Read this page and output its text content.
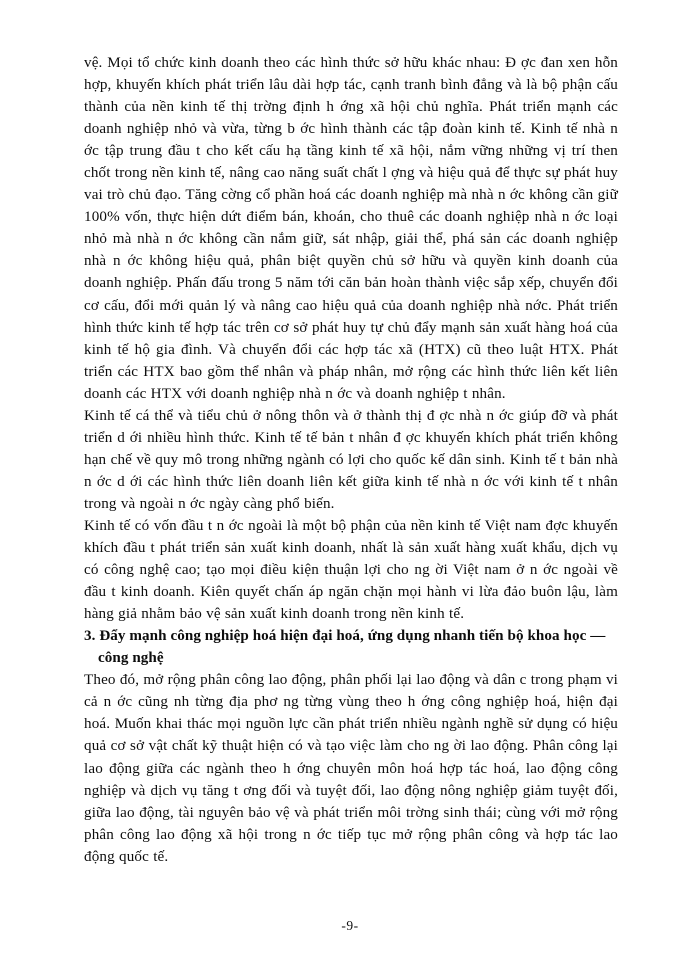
vệ. Mọi tổ chức kinh doanh theo các hình thức sở hữu khác nhau: Đ ợc đan xen hỗn hợp, khuyến khích phát triển lâu dài hợp tác, cạnh tranh bình đẳng và là bộ phận cấu thành của nền kinh tế thị trờng định h ớng xã hội chủ nghĩa. Phát triển mạnh các doanh nghiệp nhỏ và vừa, từng b ớc hình thành các tập đoàn kinh tế. Kinh tế nhà n ớc tập trung đầu t cho kết cấu hạ tầng kinh tế xã hội, nắm vững những vị trí then chốt trong nền kinh tế, nâng cao năng suất chất l ợng và hiệu quả để thực sự phát huy vai trò chủ đạo. Tăng cờng cổ phần hoá các doanh nghiệp mà nhà n ớc không cần giữ 100% vốn, thực hiện dứt điểm bán, khoán, cho thuê các doanh nghiệp nhà n ớc loại nhỏ mà nhà n ớc không cần nắm giữ, sát nhập, giải thể, phá sản các doanh nghiệp nhà n ớc không hiệu quả, phân biệt quyền chủ sở hữu và quyền kinh doanh của doanh nghiệp. Phấn đấu trong 5 năm tới căn bản hoàn thành việc sắp xếp, chuyển đổi cơ cấu, đổi mới quản lý và nâng cao hiệu quả của doanh nghiệp nhà nớc. Phát triển hình thức kinh tế hợp tác trên cơ sở phát huy tự chủ đẩy mạnh sản xuất hàng hoá của kinh tế hộ gia đình. Và chuyển đổi các hợp tác xã (HTX) cũ theo luật HTX. Phát triển các HTX bao gồm thể nhân và pháp nhân, mở rộng các hình thức liên kết liên doanh các HTX với doanh nghiệp nhà n ớc và doanh nghiệp t nhân.

Kinh tế cá thể và tiểu chủ ở nông thôn và ở thành thị đ ợc nhà n ớc giúp đỡ và phát triển d ới nhiều hình thức. Kinh tế tế bản t nhân đ ợc khuyến khích phát triển không hạn chế về quy mô trong những ngành có lợi cho quốc kế dân sinh. Kinh tế t bản nhà n ớc d ới các hình thức liên doanh liên kết giữa kinh tế nhà n ớc với kinh tế t nhân trong và ngoài n ớc ngày càng phổ biến.

Kinh tế có vốn đầu t n ớc ngoài là một bộ phận của nền kinh tế Việt nam đợc khuyến khích đầu t phát triển sản xuất kinh doanh, nhất là sản xuất hàng xuất khẩu, dịch vụ có công nghệ cao; tạo mọi điều kiện thuận lợi cho ng ời Việt nam ở n ớc ngoài về đầu t kinh doanh. Kiên quyết chấn áp ngăn chặn mọi hành vi lừa đảo buôn lậu, làm hàng giả nhằm bảo vệ sản xuất kinh doanh trong nền kinh tế.

3. Đẩy mạnh công nghiệp hoá hiện đại hoá, ứng dụng nhanh tiến bộ khoa học —
công nghệ

Theo đó, mở rộng phân công lao động, phân phối lại lao động và dân c trong phạm vi cả n ớc cũng nh từng địa phơ ng từng vùng theo h ớng công nghiệp hoá, hiện đại hoá. Muốn khai thác mọi nguồn lực cần phát triển nhiều ngành nghề sử dụng có hiệu quả cơ sở vật chất kỹ thuật hiện có và tạo việc làm cho ng ời lao động. Phân công lại lao động giữa các ngành theo h ớng chuyên môn hoá hợp tác hoá, lao động công nghiệp và dịch vụ tăng t ơng đối và tuyệt đối, lao động nông nghiệp giảm tuyệt đối, giữa lao động, tài nguyên bảo vệ và phát triển môi trờng sinh thái; cùng với mở rộng phân công lao động xã hội trong n ớc tiếp tục mở rộng phân công và hợp tác lao động quốc tế.

-9-
